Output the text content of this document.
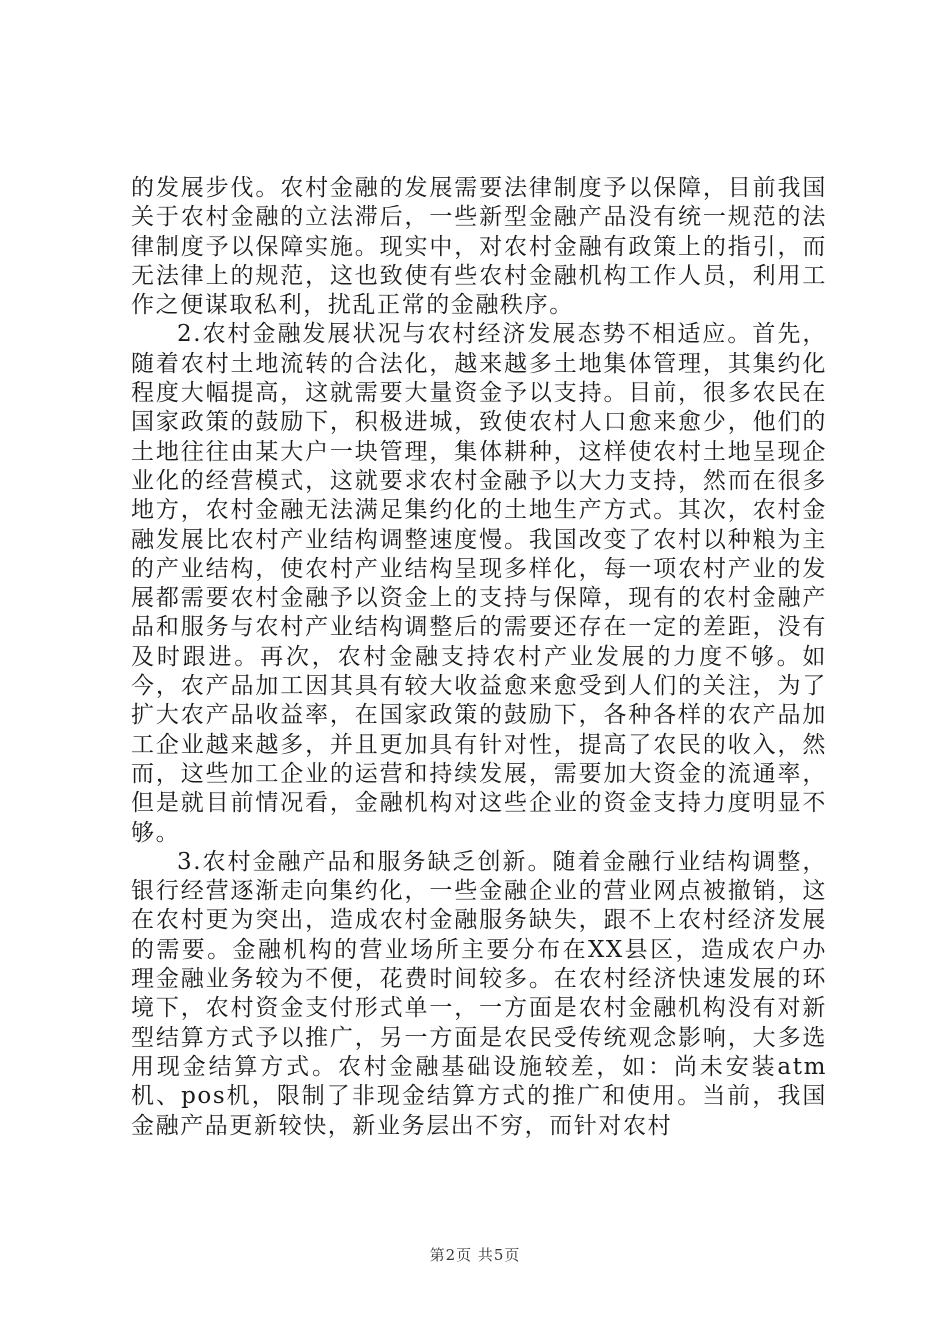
的发展步伐。农村金融的发展需要法律制度予以保障，目前我国关于农村金融的立法滞后，一些新型金融产品没有统一规范的法律制度予以保障实施。现实中，对农村金融有政策上的指引，而无法律上的规范，这也致使有些农村金融机构工作人员，利用工作之便谋取私利，扰乱正常的金融秩序。

2.农村金融发展状况与农村经济发展态势不相适应。首先，随着农村土地流转的合法化，越来越多土地集体管理，其集约化程度大幅提高，这就需要大量资金予以支持。目前，很多农民在国家政策的鼓励下，积极进城，致使农村人口愈来愈少，他们的土地往往由某大户一块管理，集体耕种，这样使农村土地呈现企业化的经营模式，这就要求农村金融予以大力支持，然而在很多地方，农村金融无法满足集约化的土地生产方式。其次，农村金融发展比农村产业结构调整速度慢。我国改变了农村以种粮为主的产业结构，使农村产业结构呈现多样化，每一项农村产业的发展都需要农村金融予以资金上的支持与保障，现有的农村金融产品和服务与农村产业结构调整后的需要还存在一定的差距，没有及时跟进。再次，农村金融支持农村产业发展的力度不够。如今，农产品加工因其具有较大收益愈来愈受到人们的关注，为了扩大农产品收益率，在国家政策的鼓励下，各种各样的农产品加工企业越来越多，并且更加具有针对性，提高了农民的收入，然而，这些加工企业的运营和持续发展，需要加大资金的流通率，但是就目前情况看，金融机构对这些企业的资金支持力度明显不够。

3.农村金融产品和服务缺乏创新。随着金融行业结构调整，银行经营逐渐走向集约化，一些金融企业的营业网点被撤销，这在农村更为突出，造成农村金融服务缺失，跟不上农村经济发展的需要。金融机构的营业场所主要分布在XX县区，造成农户办理金融业务较为不便，花费时间较多。在农村经济快速发展的环境下，农村资金支付形式单一，一方面是农村金融机构没有对新型结算方式予以推广，另一方面是农民受传统观念影响，大多选用现金结算方式。农村金融基础设施较差，如：尚未安装atm机、pos机，限制了非现金结算方式的推广和使用。当前，我国金融产品更新较快，新业务层出不穷，而针对农村

第2页 共5页
